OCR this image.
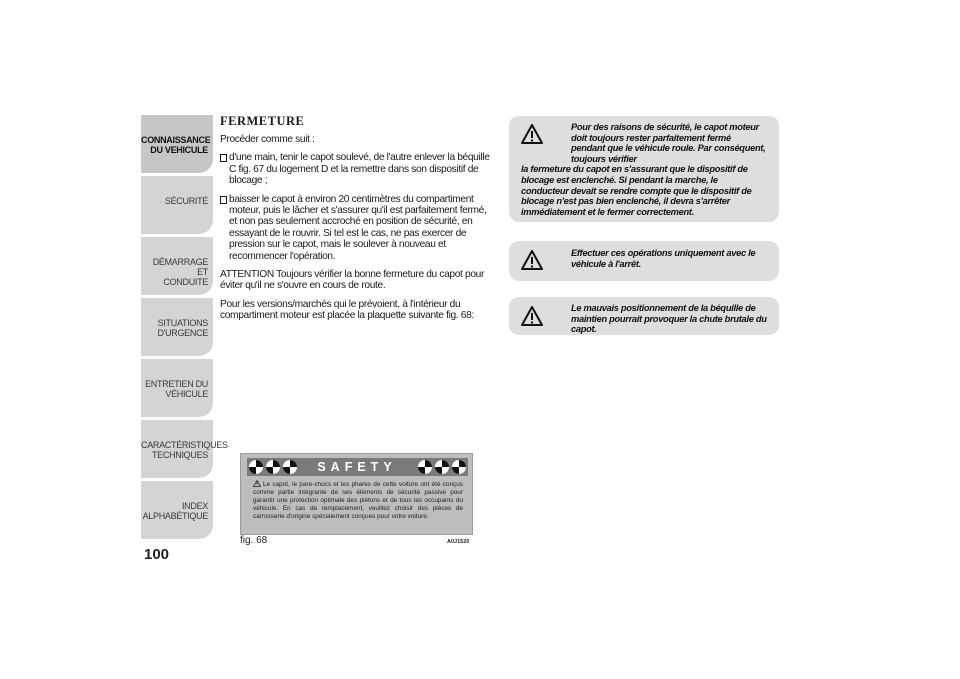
CONNAISSANCE
DU VEHICULE
SÉCURITÉ
DÉMARRAGE ET
CONDUITE
SITUATIONS
D'URGENCE
ENTRETIEN DU
VÉHICULE
CARACTÉRISTIQUES
TECHNIQUES
INDEX
ALPHABÉTIQUE
100
FERMETURE

Procéder comme suit :

d'une main, tenir le capot soulevé, de l'autre enlever la béquille C fig. 67 du logement D et la remettre dans son dispositif de blocage ;
baisser le capot à environ 20 centimètres du compartiment moteur, puis le lâcher et s'assurer qu'il est parfaitement fermé, et non pas seulement accroché en position de sécurité, en essayant de le rouvrir. Si tel est le cas, ne pas exercer de pression sur le capot, mais le soulever à nouveau et recommencer l'opération.

ATTENTION Toujours vérifier la bonne fermeture du capot pour éviter qu'il ne s'ouvre en cours de route.

Pour les versions/marchés qui le prévoient, à l'intérieur du compartiment moteur est placée la plaquette suivante fig. 68:

Pour des raisons de sécurité, le capot moteur doit toujours rester parfaitement fermé pendant que le véhicule roule. Par conséquent, toujours vérifier
la fermeture du capot en s'assurant que le dispositif de blocage est enclenché. Si pendant la marche, le conducteur devait se rendre compte que le dispositif de blocage n'est pas bien enclenché, il devra s'arrêter immédiatement et le fermer correctement.
Effectuer ces opérations uniquement avec le véhicule à l'arrêt.
Le mauvais positionnement de la béquille de maintien pourrait provoquer la chute brutale du capot.
SAFETY
Le capot, le pare-chocs et les phares de cette voiture ont été conçus comme partie intégrante de ses éléments de sécurité passive pour garantir une protection optimale des piétons et de tous les occupants du véhicule. En cas de remplacement, veuillez choisir des pièces de carrosserie d'origine spécialement conçues pour votre voiture.
fig. 68	A0J1520
